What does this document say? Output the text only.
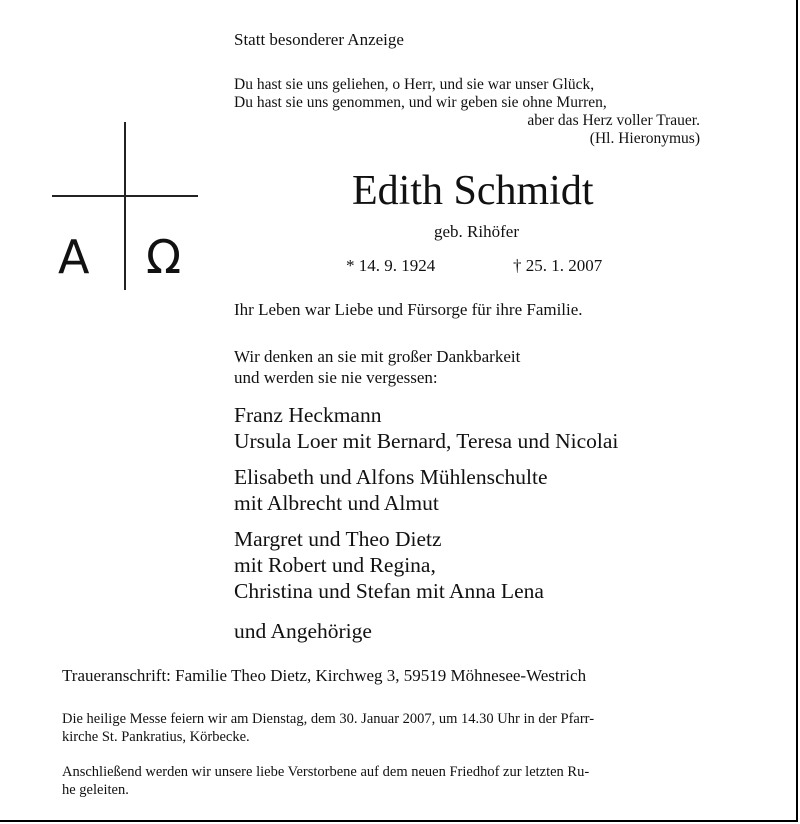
Statt besonderer Anzeige
Du hast sie uns geliehen, o Herr, und sie war unser Glück,
Du hast sie uns genommen, und wir geben sie ohne Murren,
aber das Herz voller Trauer.
(Hl. Hieronymus)
A Ω
Edith Schmidt
geb. Rihöfer
* 14. 9. 1924	† 25. 1. 2007
Ihr Leben war Liebe und Fürsorge für ihre Familie.
Wir denken an sie mit großer Dankbarkeit
und werden sie nie vergessen:
Franz Heckmann
Ursula Loer mit Bernard, Teresa und Nicolai
Elisabeth und Alfons Mühlenschulte
mit Albrecht und Almut
Margret und Theo Dietz
mit Robert und Regina,
Christina und Stefan mit Anna Lena
und Angehörige
Traueranschrift: Familie Theo Dietz, Kirchweg 3, 59519 Möhnesee-Westrich
Die heilige Messe feiern wir am Dienstag, dem 30. Januar 2007, um 14.30 Uhr in der Pfarr-
kirche St. Pankratius, Körbecke.
Anschließend werden wir unsere liebe Verstorbene auf dem neuen Friedhof zur letzten Ru-
he geleiten.
